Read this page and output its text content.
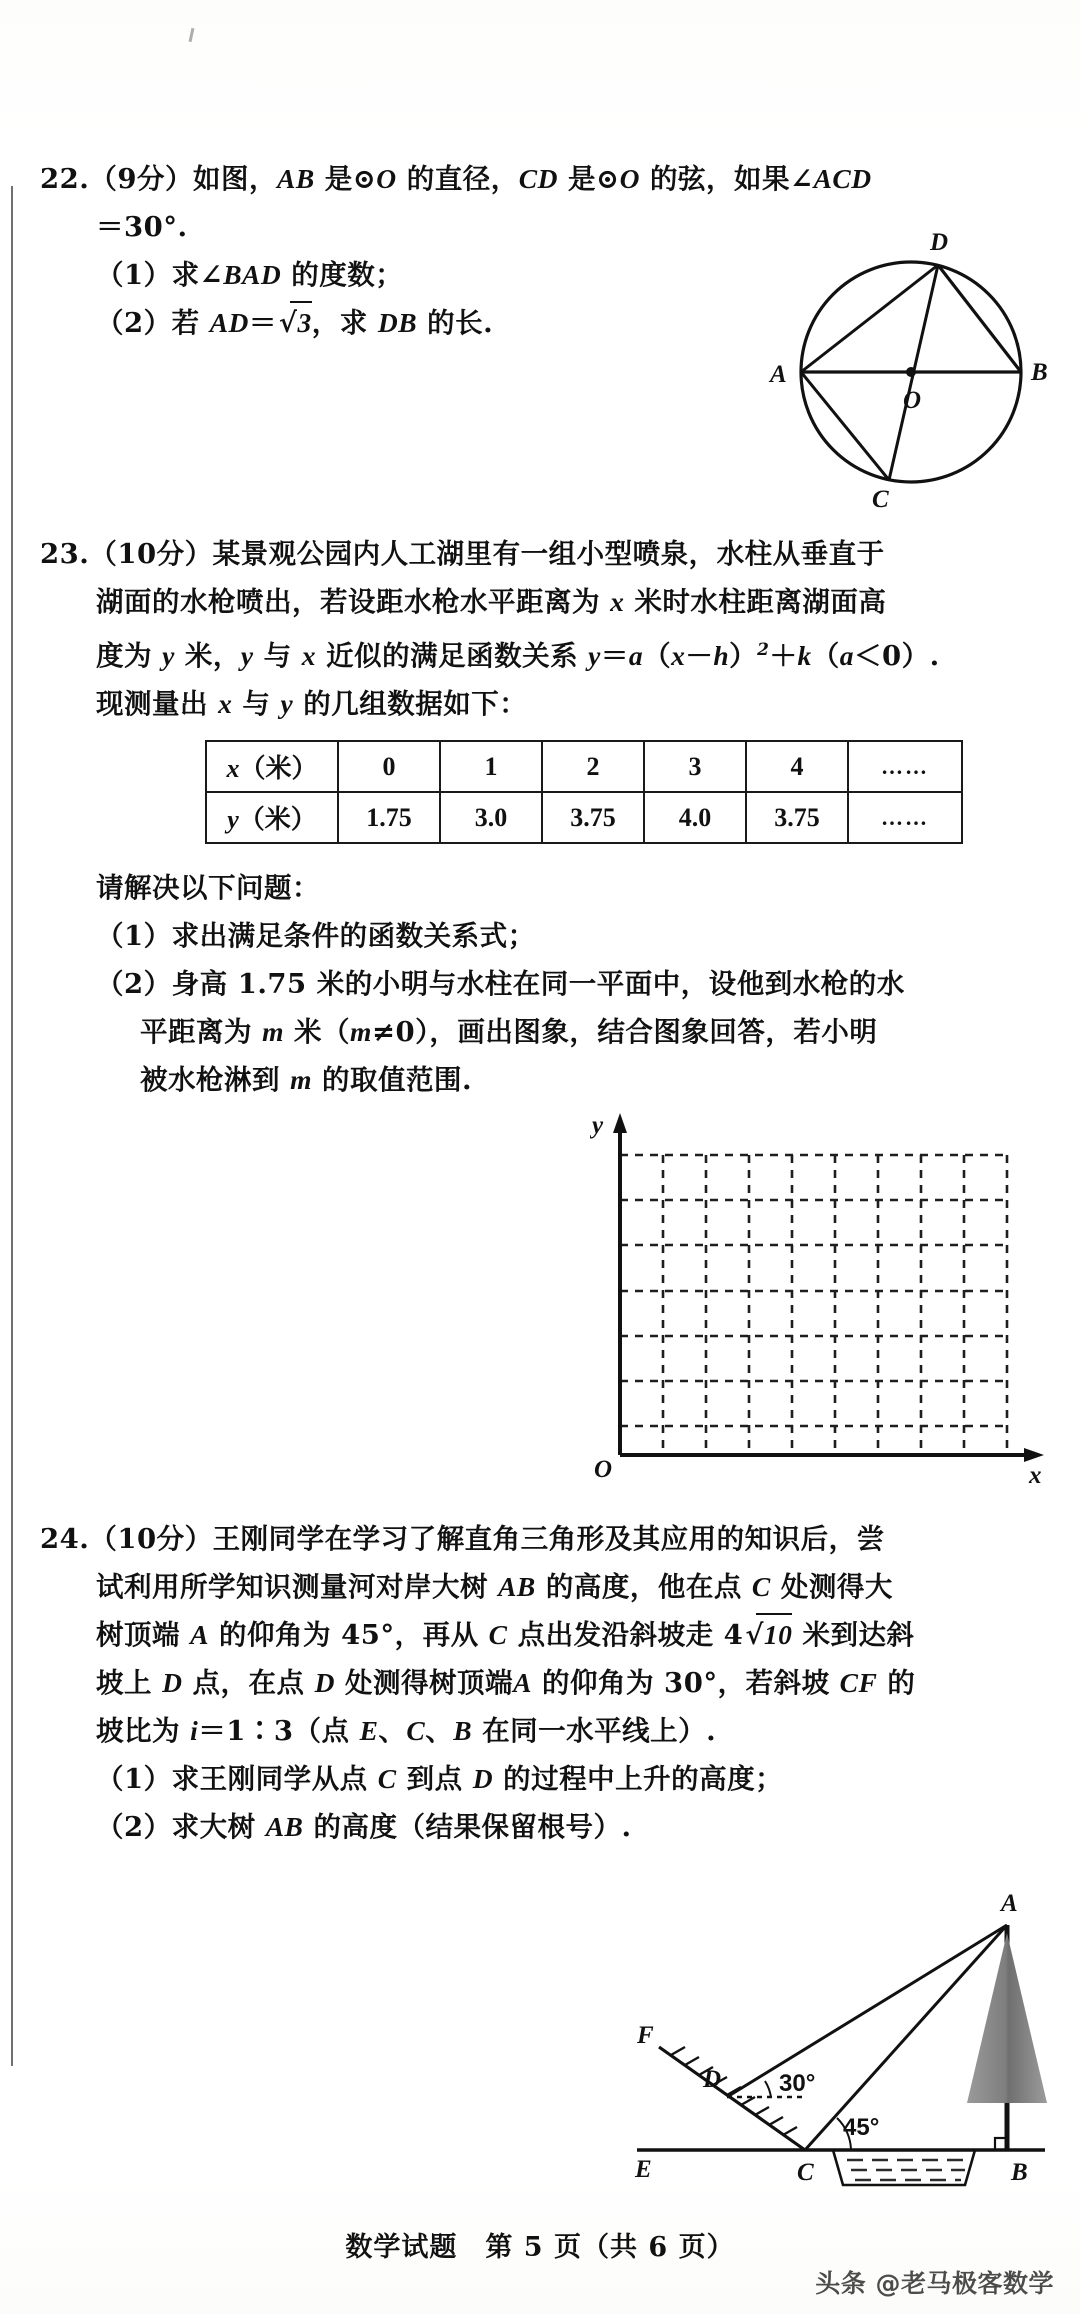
22.（9分）如图，AB 是⊙O 的直径，CD 是⊙O 的弦，如果∠ACD
＝30°.
（1）求∠BAD 的度数；
（2）若 AD＝√
3，求 DB 的长.
A	B
C
D
O
23.（10分）某景观公园内人工湖里有一组小型喷泉，水柱从垂直于
湖面的水枪喷出，若设距水枪水平距离为 x 米时水柱距离湖面高
度为 y 米，y 与 x 近似的满足函数关系 $y=a(x-h)^2+k(a<0)$.
现测量出 x 与 y 的几组数据如下：
x（米）	0	1	2	3	4	……
y（米）	1.75	3.0	3.75	4.0	3.75	……
请解决以下问题：
（1）求出满足条件的函数关系式；
（2）身高 1.75 米的小明与水柱在同一平面中，设他到水枪的水
平距离为 m 米（m≠0），画出图象，结合图象回答，若小明
被水枪淋到 m 的取值范围.
y
x
O
24.（10分）王刚同学在学习了解直角三角形及其应用的知识后，尝
试利用所学知识测量河对岸大树 AB 的高度，他在点 C 处测得大
树顶端 A 的仰角为 45°，再从 C 点出发沿斜坡走 4√
10 米到达斜
坡上 D 点，在点 D 处测得树顶端A 的仰角为 30°，若斜坡 CF 的
坡比为 i＝1∶3（点 E、C、B 在同一水平线上）.
（1）求王刚同学从点 C 到点 D 的过程中上升的高度；
（2）求大树 AB 的高度（结果保留根号）.
30°
45°
F
D
E	C	B
A
数学试题　第 5 页（共 6 页）
头条 @老马极客数学
